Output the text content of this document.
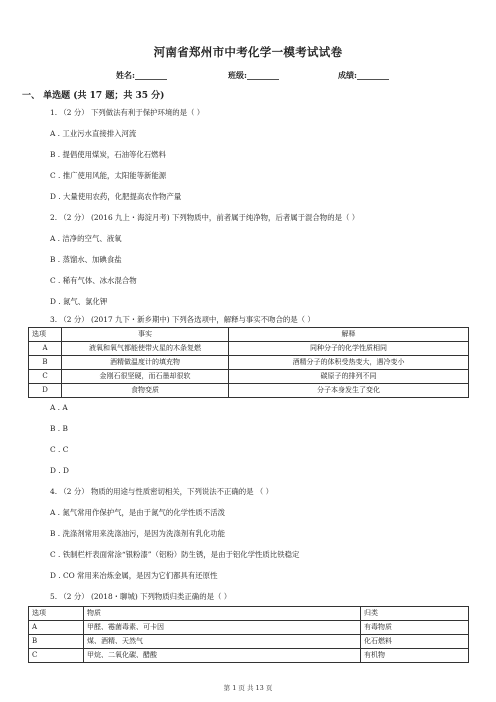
河南省郑州市中考化学一模考试试卷
姓名:________	班级:________	成绩:________
一、 单选题 (共 17 题；共 35 分)
1. （2 分） 下列做法有利于保护环境的是（ ）
A . 工业污水直接排入河流
B . 提倡使用煤炭，石油等化石燃料
C . 推广使用风能，太阳能等新能源
D . 大量使用农药，化肥提高农作物产量
2. （2 分） (2016 九上・海淀月考) 下列物质中，前者属于纯净物，后者属于混合物的是（ ）
A . 洁净的空气、液氧
B . 蒸馏水、加碘食盐
C . 稀有气体、冰水混合物
D . 氮气、氯化钾
3. （2 分） (2017 九下・新乡期中) 下列各选项中，解释与事实不吻合的是（ ）
选项	事实	解释
A	液氧和氧气都能使带火星的木条复燃	同种分子的化学性质相同
B	酒精做温度计的填充物	酒精分子的体积受热变大，遇冷变小
C	金刚石很坚硬，而石墨却很软	碳原子的排列不同
D	食物变质	分子本身发生了变化
A . A
B . B
C . C
D . D
4. （2 分） 物质的用途与性质密切相关，下列说法不正确的是 （ ）
A . 氮气常用作保护气，是由于氮气的化学性质不活泼
B . 洗涤剂常用来洗涤油污，是因为洗涤剂有乳化功能
C . 铁制栏杆表面常涂“银粉漆”（铝粉）防生锈，是由于铝化学性质比铁稳定
D . CO 常用来冶炼金属，是因为它们都具有还原性
5. （2 分） (2018・聊城) 下列物质归类正确的是（ ）
选项	物质	归类
A	甲醛、霉菌毒素、可卡因	有毒物质
B	煤、酒精、天然气	化石燃料
C	甲烷、二氧化碳、醋酸	有机物
第 1 页 共 13 页
